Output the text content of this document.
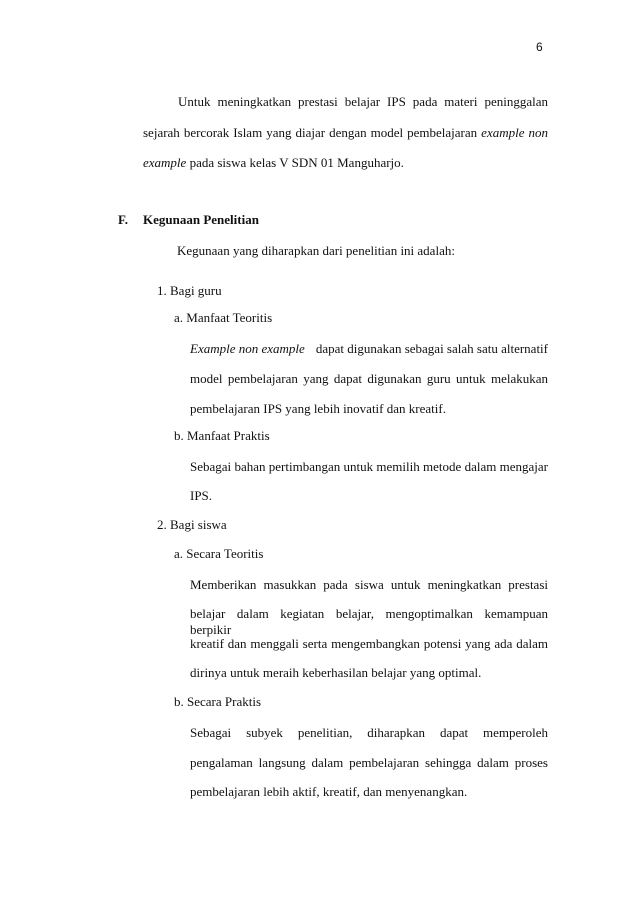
6
Untuk meningkatkan prestasi belajar IPS pada materi peninggalan
sejarah bercorak Islam yang diajar dengan model pembelajaran example non
example pada siswa kelas V SDN 01 Manguharjo.
F. Kegunaan Penelitian
Kegunaan yang diharapkan dari penelitian ini adalah:
1. Bagi guru
a. Manfaat Teoritis
Example non example dapat digunakan sebagai salah satu alternatif
model pembelajaran yang dapat digunakan guru untuk melakukan
pembelajaran IPS yang lebih inovatif dan kreatif.
b. Manfaat Praktis
Sebagai bahan pertimbangan untuk memilih metode dalam mengajar
IPS.
2. Bagi siswa
a. Secara Teoritis
Memberikan masukkan pada siswa untuk meningkatkan prestasi
belajar dalam kegiatan belajar, mengoptimalkan kemampuan berpikir
kreatif dan menggali serta mengembangkan potensi yang ada dalam
dirinya untuk meraih keberhasilan belajar yang optimal.
b. Secara Praktis
Sebagai subyek penelitian, diharapkan dapat memperoleh
pengalaman langsung dalam pembelajaran sehingga dalam proses
pembelajaran lebih aktif, kreatif, dan menyenangkan.
